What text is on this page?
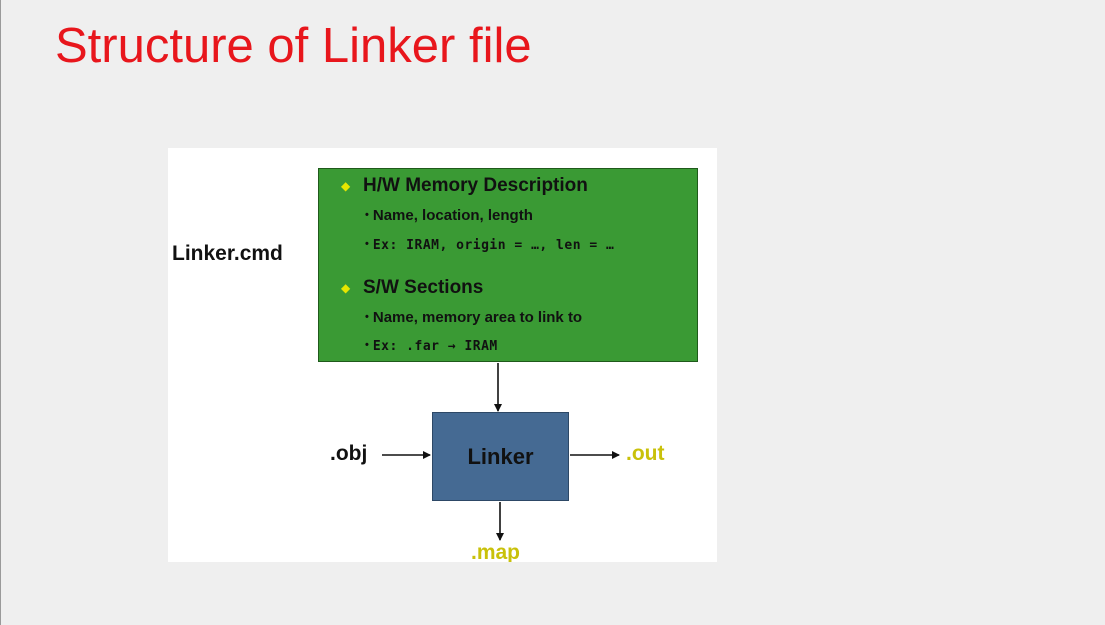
Structure of Linker file
Linker.cmd
◆ H/W Memory Description
• Name, location, length
• Ex: IRAM, origin = …, len = …
◆ S/W Sections
• Name, memory area to link to
• Ex: .far → IRAM
Linker
.obj	.out
.map
